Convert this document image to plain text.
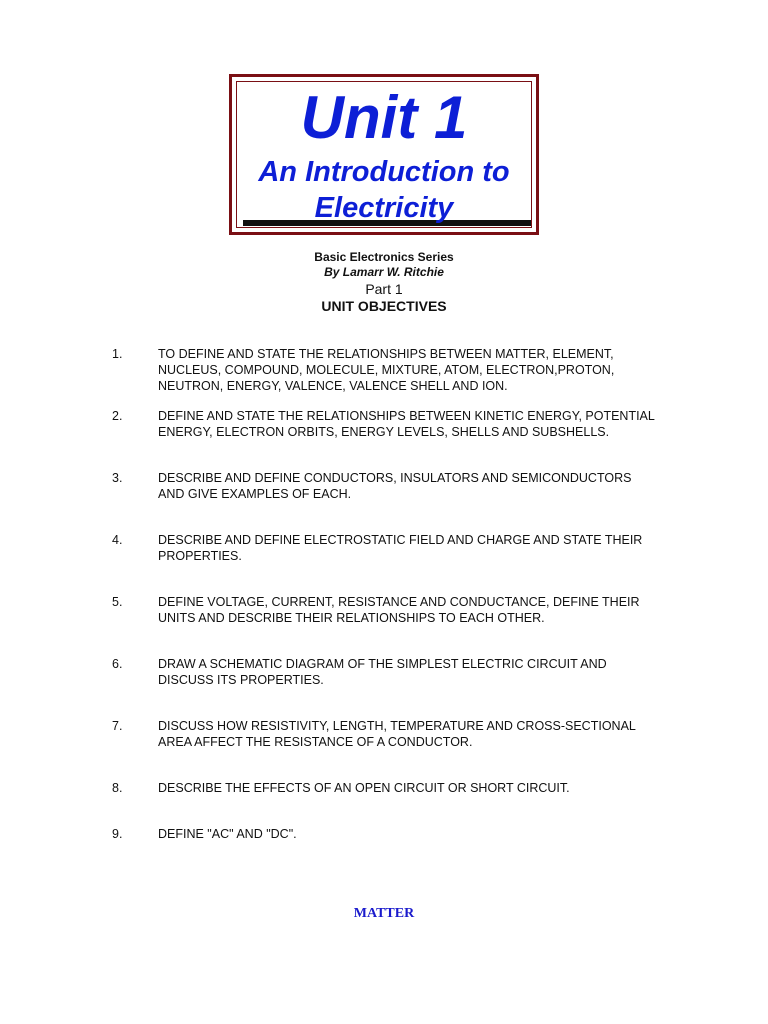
Unit 1
An Introduction to
Electricity
Basic Electronics Series
By Lamarr W. Ritchie
Part 1
UNIT OBJECTIVES
1.	TO DEFINE AND STATE THE RELATIONSHIPS BETWEEN MATTER, ELEMENT, NUCLEUS, COMPOUND, MOLECULE, MIXTURE, ATOM, ELECTRON,PROTON, NEUTRON, ENERGY, VALENCE, VALENCE SHELL AND ION.
2.	DEFINE AND STATE THE RELATIONSHIPS BETWEEN KINETIC ENERGY, POTENTIAL ENERGY, ELECTRON ORBITS, ENERGY LEVELS, SHELLS AND SUBSHELLS.
3.	DESCRIBE AND DEFINE CONDUCTORS, INSULATORS AND SEMICONDUCTORS AND GIVE EXAMPLES OF EACH.
4.	DESCRIBE AND DEFINE ELECTROSTATIC FIELD AND CHARGE AND STATE THEIR PROPERTIES.
5.	DEFINE VOLTAGE, CURRENT, RESISTANCE AND CONDUCTANCE, DEFINE THEIR UNITS AND DESCRIBE THEIR RELATIONSHIPS TO EACH OTHER.
6.	DRAW A SCHEMATIC DIAGRAM OF THE SIMPLEST ELECTRIC CIRCUIT AND DISCUSS ITS PROPERTIES.
7.	DISCUSS HOW RESISTIVITY, LENGTH, TEMPERATURE AND CROSS-SECTIONAL AREA AFFECT THE RESISTANCE OF A CONDUCTOR.
8.	DESCRIBE THE EFFECTS OF AN OPEN CIRCUIT OR SHORT CIRCUIT.
9.	DEFINE "AC" AND "DC".
MATTER
